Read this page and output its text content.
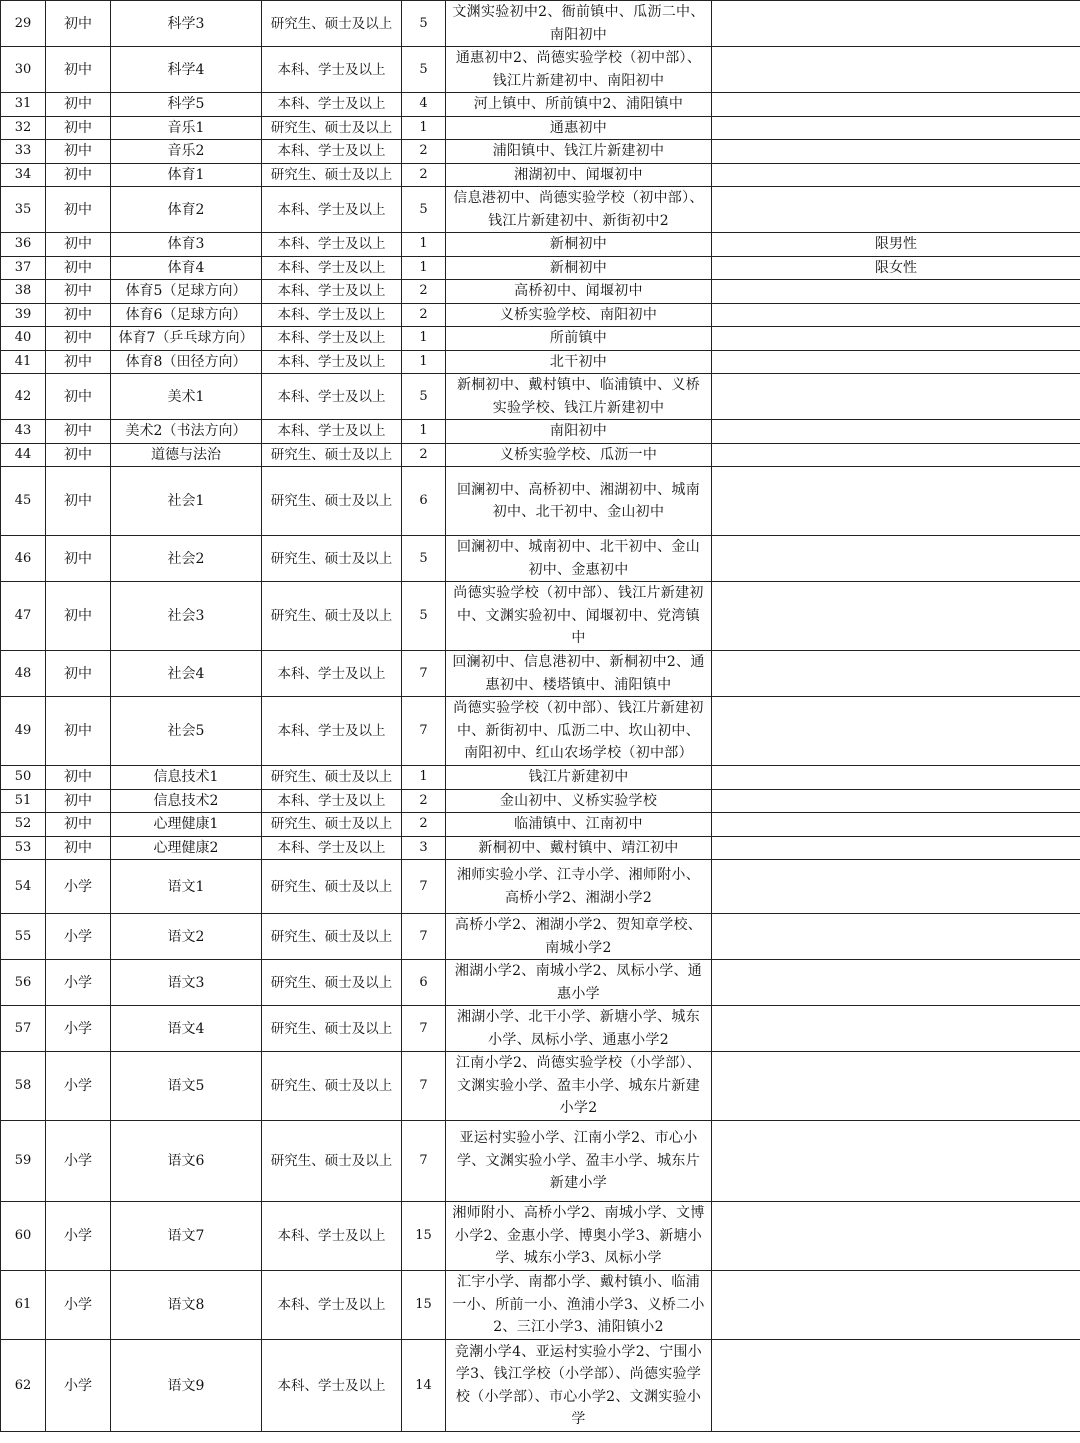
29	初中	科学3	研究生、硕士及以上	5	文渊实验初中2、衙前镇中、瓜沥二中、南阳初中	
30	初中	科学4	本科、学士及以上	5	通惠初中2、尚德实验学校（初中部）、钱江片新建初中、南阳初中	
31	初中	科学5	本科、学士及以上	4	河上镇中、所前镇中2、浦阳镇中	
32	初中	音乐1	研究生、硕士及以上	1	通惠初中	
33	初中	音乐2	本科、学士及以上	2	浦阳镇中、钱江片新建初中	
34	初中	体育1	研究生、硕士及以上	2	湘湖初中、闻堰初中	
35	初中	体育2	本科、学士及以上	5	信息港初中、尚德实验学校（初中部）、钱江片新建初中、新街初中2	
36	初中	体育3	本科、学士及以上	1	新桐初中	限男性
37	初中	体育4	本科、学士及以上	1	新桐初中	限女性
38	初中	体育5（足球方向）	本科、学士及以上	2	高桥初中、闻堰初中	
39	初中	体育6（足球方向）	本科、学士及以上	2	义桥实验学校、南阳初中	
40	初中	体育7（乒乓球方向）	本科、学士及以上	1	所前镇中	
41	初中	体育8（田径方向）	本科、学士及以上	1	北干初中	
42	初中	美术1	本科、学士及以上	5	新桐初中、戴村镇中、临浦镇中、义桥实验学校、钱江片新建初中	
43	初中	美术2（书法方向）	本科、学士及以上	1	南阳初中	
44	初中	道德与法治	研究生、硕士及以上	2	义桥实验学校、瓜沥一中	
45	初中	社会1	研究生、硕士及以上	6	回澜初中、高桥初中、湘湖初中、城南初中、北干初中、金山初中	
46	初中	社会2	研究生、硕士及以上	5	回澜初中、城南初中、北干初中、金山初中、金惠初中	
47	初中	社会3	研究生、硕士及以上	5	尚德实验学校（初中部）、钱江片新建初中、文渊实验初中、闻堰初中、党湾镇中	
48	初中	社会4	本科、学士及以上	7	回澜初中、信息港初中、新桐初中2、通惠初中、楼塔镇中、浦阳镇中	
49	初中	社会5	本科、学士及以上	7	尚德实验学校（初中部）、钱江片新建初中、新街初中、瓜沥二中、坎山初中、南阳初中、红山农场学校（初中部）	
50	初中	信息技术1	研究生、硕士及以上	1	钱江片新建初中	
51	初中	信息技术2	本科、学士及以上	2	金山初中、义桥实验学校	
52	初中	心理健康1	研究生、硕士及以上	2	临浦镇中、江南初中	
53	初中	心理健康2	本科、学士及以上	3	新桐初中、戴村镇中、靖江初中	
54	小学	语文1	研究生、硕士及以上	7	湘师实验小学、江寺小学、湘师附小、高桥小学2、湘湖小学2	
55	小学	语文2	研究生、硕士及以上	7	高桥小学2、湘湖小学2、贺知章学校、南城小学2	
56	小学	语文3	研究生、硕士及以上	6	湘湖小学2、南城小学2、凤标小学、通惠小学	
57	小学	语文4	研究生、硕士及以上	7	湘湖小学、北干小学、新塘小学、城东小学、凤标小学、通惠小学2	
58	小学	语文5	研究生、硕士及以上	7	江南小学2、尚德实验学校（小学部）、文渊实验小学、盈丰小学、城东片新建小学2	
59	小学	语文6	研究生、硕士及以上	7	亚运村实验小学、江南小学2、市心小学、文渊实验小学、盈丰小学、城东片新建小学	
60	小学	语文7	本科、学士及以上	15	湘师附小、高桥小学2、南城小学、文博小学2、金惠小学、博奥小学3、新塘小学、城东小学3、凤标小学	
61	小学	语文8	本科、学士及以上	15	汇宇小学、南都小学、戴村镇小、临浦一小、所前一小、渔浦小学3、义桥二小2、三江小学3、浦阳镇小2	
62	小学	语文9	本科、学士及以上	14	竞潮小学4、亚运村实验小学2、宁围小学3、钱江学校（小学部）、尚德实验学校（小学部）、市心小学2、文渊实验小学	
